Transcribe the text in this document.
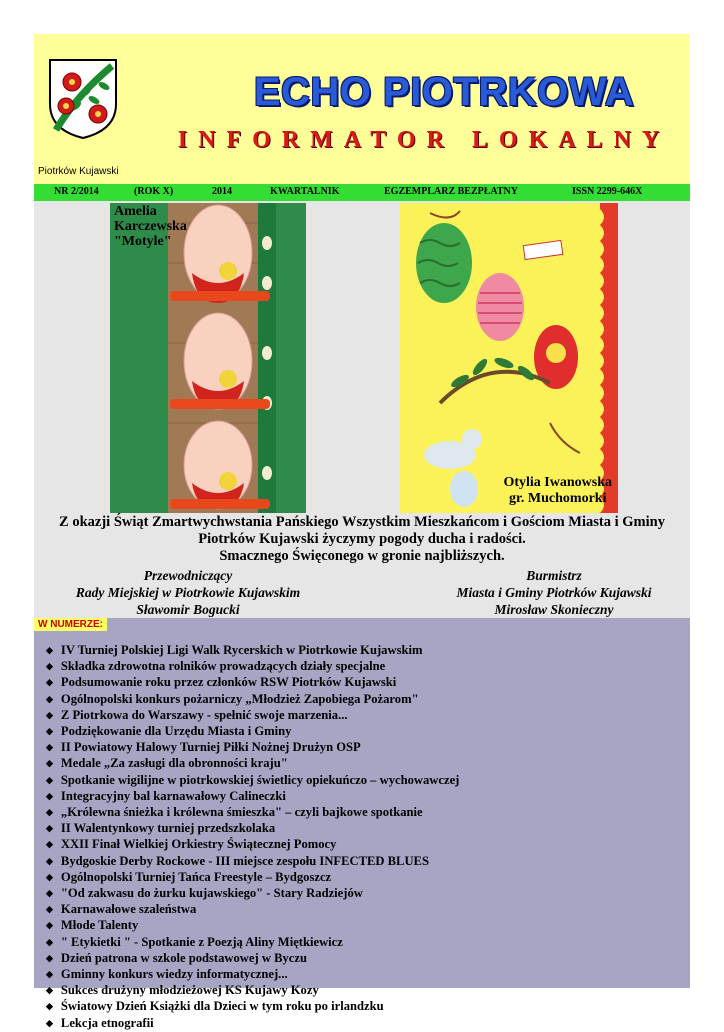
ECHO PIOTRKOWA
INFORMATOR LOKALNY
Piotrków Kujawski
NR 2/2014	(ROK X)	2014	KWARTALNIK	EGZEMPLARZ BEZPŁATNY	ISSN 2299-646X
Amelia
Karczewska
"Motyle"
Otylia Iwanowska
gr. Muchomorki
Z okazji Świąt Zmartwychwstania Pańskiego Wszystkim Mieszkańcom i Gościom Miasta i Gminy
Piotrków Kujawski życzymy pogody ducha i radości.
Smacznego Święconego w gronie najbliższych.
Przewodniczący
Rady Miejskiej w Piotrkowie Kujawskim
Sławomir Bogucki
Burmistrz
Miasta i Gminy Piotrków Kujawski
Mirosław Skonieczny
W NUMERZE:
◆ IV Turniej Polskiej Ligi Walk Rycerskich w Piotrkowie Kujawskim
◆ Składka zdrowotna rolników prowadzących działy specjalne
◆ Podsumowanie roku przez członków RSW Piotrków Kujawski
◆ Ogólnopolski konkurs pożarniczy „Młodzież Zapobiega Pożarom"
◆ Z Piotrkowa do Warszawy - spełnić swoje marzenia...
◆ Podziękowanie dla Urzędu Miasta i Gminy
◆ II Powiatowy Halowy Turniej Piłki Nożnej Drużyn OSP
◆ Medale „Za zasługi dla obronności kraju"
◆ Spotkanie wigilijne w piotrkowskiej świetlicy opiekuńczo – wychowawczej
◆ Integracyjny bal karnawałowy Calineczki
◆ „Królewna śnieżka i królewna śmieszka" – czyli bajkowe spotkanie
◆ II Walentynkowy turniej przedszkolaka
◆ XXII Finał Wielkiej Orkiestry Świątecznej Pomocy
◆ Bydgoskie Derby Rockowe - III miejsce zespołu INFECTED BLUES
◆ Ogólnopolski Turniej Tańca Freestyle – Bydgoszcz
◆ "Od zakwasu do żurku kujawskiego" - Stary Radziejów
◆ Karnawałowe szaleństwa
◆ Młode Talenty
◆ " Etykietki " - Spotkanie z Poezją Aliny Miętkiewicz
◆ Dzień patrona w szkole podstawowej w Byczu
◆ Gminny konkurs wiedzy informatycznej...
◆ Sukces drużyny młodzieżowej KS Kujawy Kozy
◆ Światowy Dzień Książki dla Dzieci w tym roku po irlandzku
◆ Lekcja etnografii
